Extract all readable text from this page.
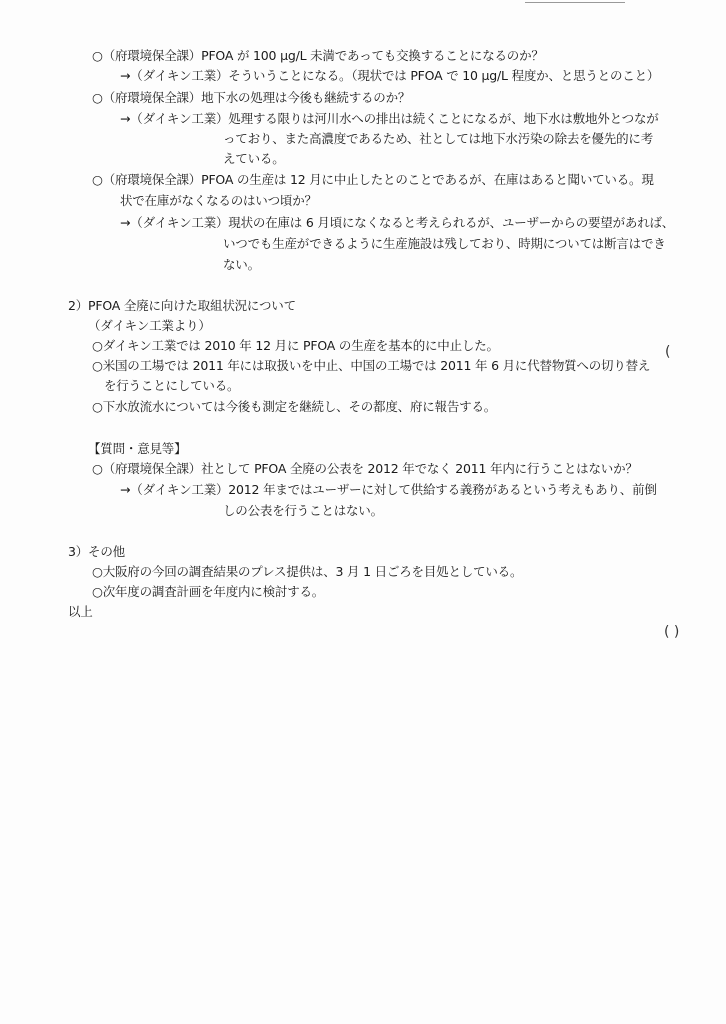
○（府環境保全課）PFOA が 100 μg/L 未満であっても交換することになるのか？
→（ダイキン工業）そういうことになる。（現状では PFOA で 10 μg/L 程度か、と思うとのこと）
○（府環境保全課）地下水の処理は今後も継続するのか？
→（ダイキン工業）処理する限りは河川水への排出は続くことになるが、地下水は敷地外とつなが
っており、また高濃度であるため、社としては地下水汚染の除去を優先的に考
えている。
○（府環境保全課）PFOA の生産は 12 月に中止したとのことであるが、在庫はあると聞いている。現
状で在庫がなくなるのはいつ頃か？
→（ダイキン工業）現状の在庫は 6 月頃になくなると考えられるが、ユーザーからの要望があれば、
いつでも生産ができるように生産施設は残しており、時期については断言はでき
ない。
2）PFOA 全廃に向けた取組状況について
（ダイキン工業より）
○ダイキン工業では 2010 年 12 月に PFOA の生産を基本的に中止した。
○米国の工場では 2011 年には取扱いを中止、中国の工場では 2011 年 6 月に代替物質への切り替え
を行うことにしている。
○下水放流水については今後も測定を継続し、その都度、府に報告する。
【質問・意見等】
○（府環境保全課）社として PFOA 全廃の公表を 2012 年でなく 2011 年内に行うことはないか？
→（ダイキン工業）2012 年まではユーザーに対して供給する義務があるという考えもあり、前倒
しの公表を行うことはない。
3）その他
○大阪府の今回の調査結果のプレス提供は、3 月 1 日ごろを目処としている。
○次年度の調査計画を年度内に検討する。
以上
(
( )
